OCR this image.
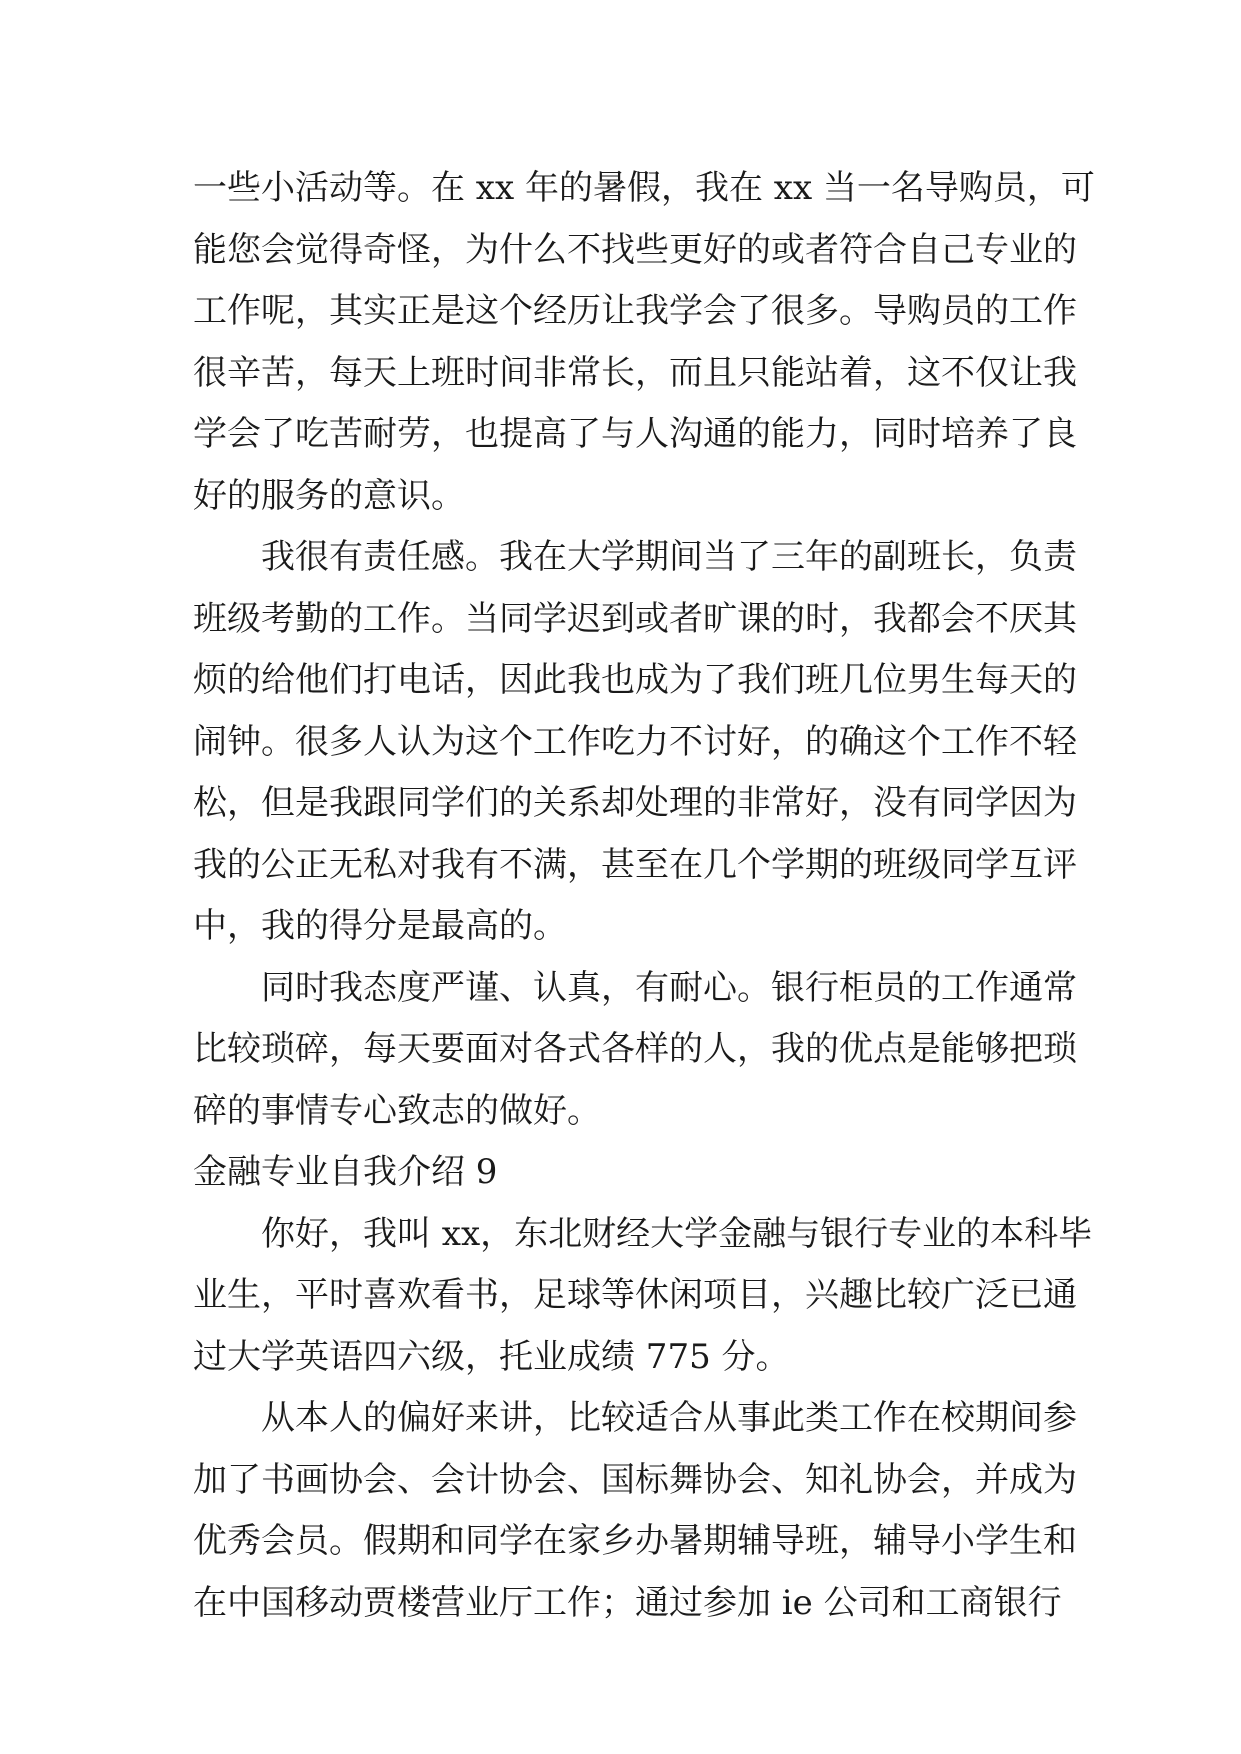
一些小活动等。在 xx 年的暑假，我在 xx 当一名导购员，可
能您会觉得奇怪，为什么不找些更好的或者符合自己专业的
工作呢，其实正是这个经历让我学会了很多。导购员的工作
很辛苦，每天上班时间非常长，而且只能站着，这不仅让我
学会了吃苦耐劳，也提高了与人沟通的能力，同时培养了良
好的服务的意识。
我很有责任感。我在大学期间当了三年的副班长，负责
班级考勤的工作。当同学迟到或者旷课的时，我都会不厌其
烦的给他们打电话，因此我也成为了我们班几位男生每天的
闹钟。很多人认为这个工作吃力不讨好，的确这个工作不轻
松，但是我跟同学们的关系却处理的非常好，没有同学因为
我的公正无私对我有不满，甚至在几个学期的班级同学互评
中，我的得分是最高的。
同时我态度严谨、认真，有耐心。银行柜员的工作通常
比较琐碎，每天要面对各式各样的人，我的优点是能够把琐
碎的事情专心致志的做好。
金融专业自我介绍 9
你好，我叫 xx，东北财经大学金融与银行专业的本科毕
业生，平时喜欢看书，足球等休闲项目，兴趣比较广泛已通
过大学英语四六级，托业成绩 775 分。
从本人的偏好来讲，比较适合从事此类工作在校期间参
加了书画协会、会计协会、国标舞协会、知礼协会，并成为
优秀会员。假期和同学在家乡办暑期辅导班，辅导小学生和
在中国移动贾楼营业厅工作；通过参加 ie 公司和工商银行
